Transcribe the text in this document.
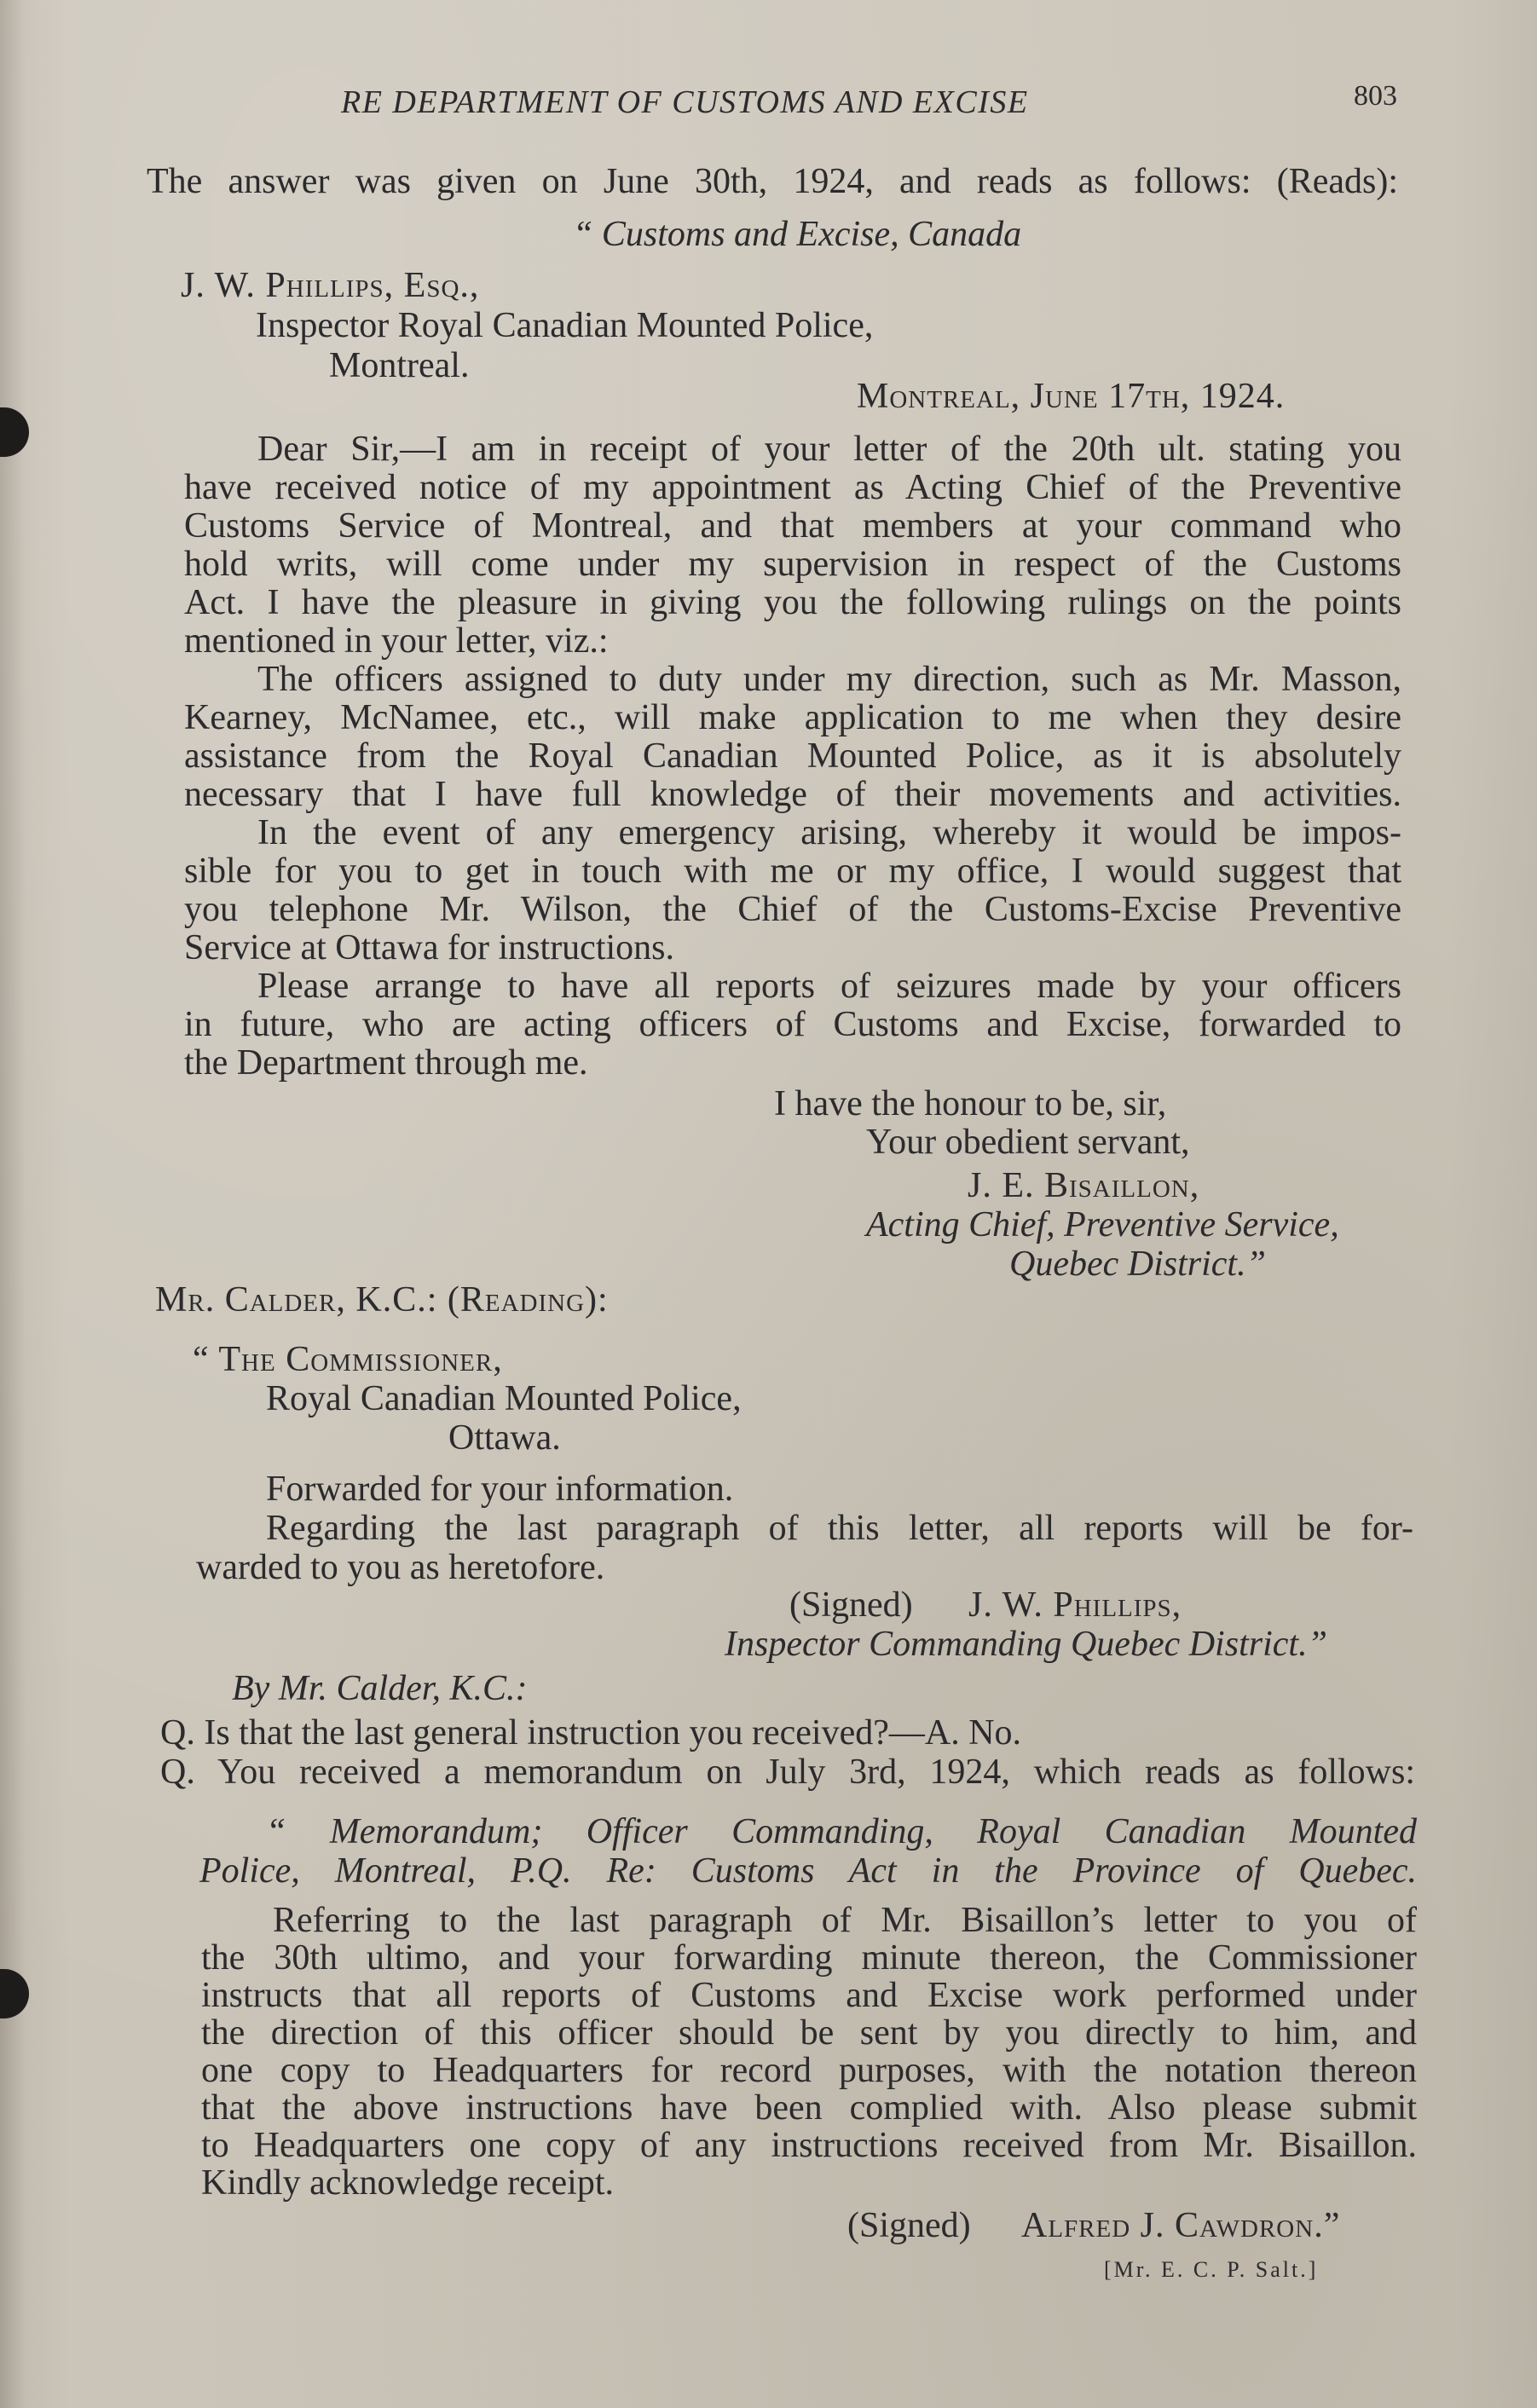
RE DEPARTMENT OF CUSTOMS AND EXCISE	803
The answer was given on June 30th, 1924, and reads as follows: (Reads):
“ Customs and Excise, Canada
J. W. Phillips, Esq.,
Inspector Royal Canadian Mounted Police,
Montreal.
Montreal, June 17th, 1924.
Dear Sir,—I am in receipt of your letter of the 20th ult. stating you
have received notice of my appointment as Acting Chief of the Preventive
Customs Service of Montreal, and that members at your command who
hold writs, will come under my supervision in respect of the Customs
Act. I have the pleasure in giving you the following rulings on the points
mentioned in your letter, viz.:
The officers assigned to duty under my direction, such as Mr. Masson,
Kearney, McNamee, etc., will make application to me when they desire
assistance from the Royal Canadian Mounted Police, as it is absolutely
necessary that I have full knowledge of their movements and activities.
In the event of any emergency arising, whereby it would be impos-
sible for you to get in touch with me or my office, I would suggest that
you telephone Mr. Wilson, the Chief of the Customs-Excise Preventive
Service at Ottawa for instructions.
Please arrange to have all reports of seizures made by your officers
in future, who are acting officers of Customs and Excise, forwarded to
the Department through me.
I have the honour to be, sir,
Your obedient servant,
J. E. Bisaillon,
Acting Chief, Preventive Service,
Quebec District.”
Mr. Calder, K.C.: (Reading):
“ The Commissioner,
Royal Canadian Mounted Police,
Ottawa.
Forwarded for your information.
Regarding the last paragraph of this letter, all reports will be for-
warded to you as heretofore.
(Signed) J. W. Phillips,
Inspector Commanding Quebec District.”
By Mr. Calder, K.C.:
Q. Is that the last general instruction you received?—A. No.
Q. You received a memorandum on July 3rd, 1924, which reads as follows:
“ Memorandum; Officer Commanding, Royal Canadian Mounted
Police, Montreal, P.Q. Re: Customs Act in the Province of Quebec.
Referring to the last paragraph of Mr. Bisaillon’s letter to you of
the 30th ultimo, and your forwarding minute thereon, the Commissioner
instructs that all reports of Customs and Excise work performed under
the direction of this officer should be sent by you directly to him, and
one copy to Headquarters for record purposes, with the notation thereon
that the above instructions have been complied with. Also please submit
to Headquarters one copy of any instructions received from Mr. Bisaillon.
Kindly acknowledge receipt.
(Signed) Alfred J. Cawdron.”
[Mr. E. C. P. Salt.]
